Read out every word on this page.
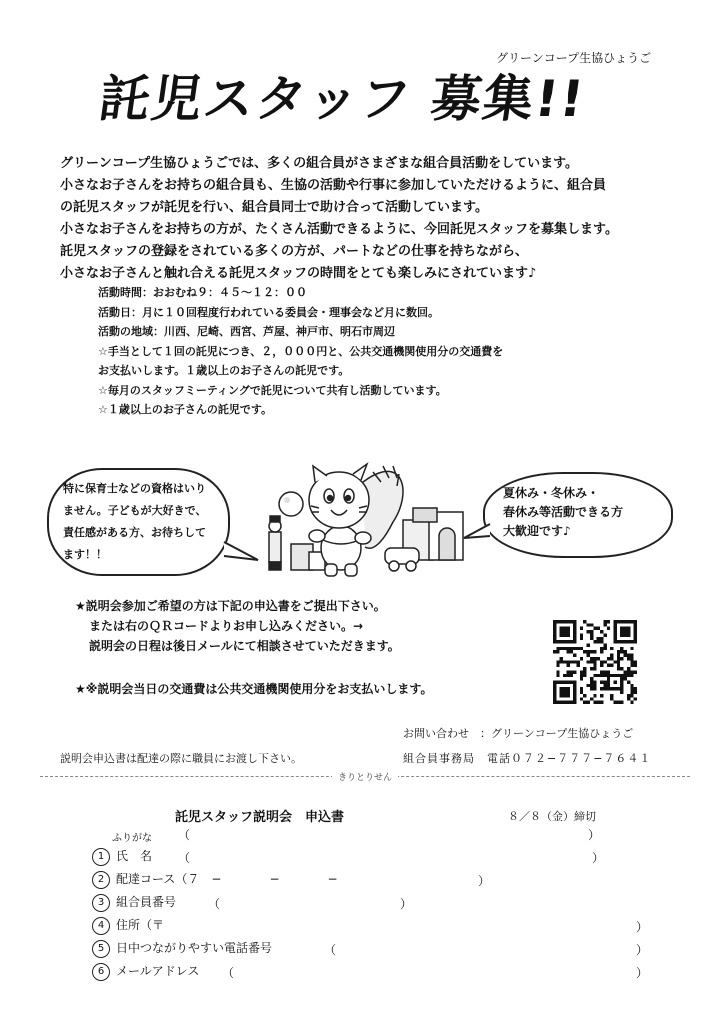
グリーンコープ生協ひょうご
託児スタッフ 募集!!
グリーンコープ生協ひょうごでは、多くの組合員がさまざまな組合員活動をしています。
小さなお子さんをお持ちの組合員も、生協の活動や行事に参加していただけるように、組合員
の託児スタッフが託児を行い、組合員同士で助け合って活動しています。
小さなお子さんをお持ちの方が、たくさん活動できるように、今回託児スタッフを募集します。
託児スタッフの登録をされている多くの方が、パートなどの仕事を持ちながら、
小さなお子さんと触れ合える託児スタッフの時間をとても楽しみにされています♪
活動時間：おおむね９：４５〜１２：００
活動日：月に１０回程度行われている委員会・理事会など月に数回。
活動の地域：川西、尼崎、西宮、芦屋、神戸市、明石市周辺
☆手当として１回の託児につき、２，０００円と、公共交通機関使用分の交通費を
お支払いします。１歳以上のお子さんの託児です。
☆毎月のスタッフミーティングで託児について共有し活動しています。
☆１歳以上のお子さんの託児です。
特に保育士などの資格はいり
ません。子どもが大好きで、
責任感がある方、お待ちして
ます！！
夏休み・冬休み・
春休み等活動できる方
大歓迎です♪
★説明会参加ご希望の方は下記の申込書をご提出下さい。
または右のＱＲコードよりお申し込みください。→
説明会の日程は後日メールにて相談させていただきます。
★※説明会当日の交通費は公共交通機関使用分をお支払いします。
お問い合わせ　：グリーンコープ生協ひょうご
説明会申込書は配達の際に職員にお渡し下さい。	組合員事務局　電話０７２−７７７−７６４１
きりとりせん
託児スタッフ説明会　申込書	８／８（金）締切
ふりがな （	）
1 氏　名 （	）
2 配達コース（７　−　　　　−　　　　−	）
3 組合員番号	（	）
4 住所（〒	）
5 日中つながりやすい電話番号	（	）
6 メールアドレス （	）
